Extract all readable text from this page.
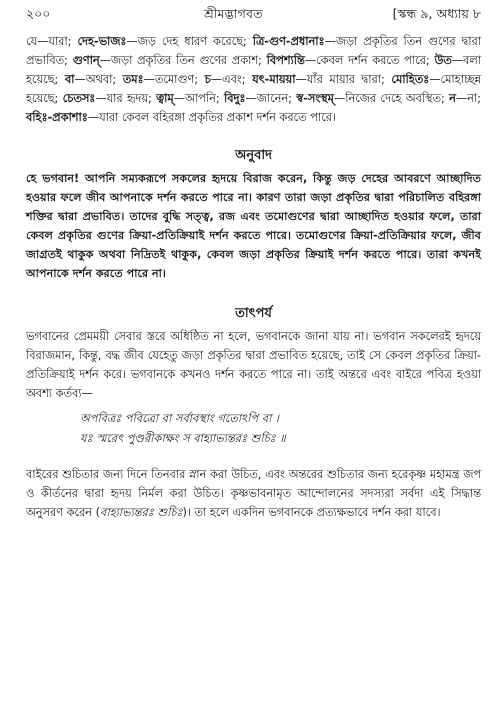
২০০	শ্রীমদ্ভাগবত	[স্কন্ধ ৯, অধ্যায় ৮

যে—যারা; দেহ-ভাজঃ—জড় দেহ ধারণ করেছে; ত্রি-গুণ-প্রধানাঃ—জড়া প্রকৃতির তিন গুণের দ্বারা প্রভাবিত; গুণান্—জড়া প্রকৃতির তিন গুণের প্রকাশ; বিপশ্যন্তি—কেবল দর্শন করতে পারে; উত—বলা হয়েছে; বা—অথবা; তমঃ—তমোগুণ; চ—এবং; যৎ-মায়য়া—যাঁর মায়ার দ্বারা; মোহিতঃ—মোহাচ্ছন্ন হয়েছে; চেতসঃ—যার হৃদয়; ত্বাম্—আপনি; বিদুঃ—জানেন; স্ব-সংস্থম্—নিজের দেহে অবস্থিত; ন—না; বহিঃ-প্রকাশাঃ—যারা কেবল বহিরঙ্গা প্রকৃতির প্রকাশ দর্শন করতে পারে।

অনুবাদ

হে ভগবান! আপনি সম্যকরূপে সকলের হৃদয়ে বিরাজ করেন, কিন্তু জড় দেহের আবরণে আচ্ছাদিত হওয়ার ফলে জীব আপনাকে দর্শন করতে পারে না। কারণ তারা জড়া প্রকৃতির দ্বারা পরিচালিত বহিরঙ্গা শক্তির দ্বারা প্রভাবিত। তাদের বুদ্ধি সত্ত্ব, রজ এবং তমোগুণের দ্বারা আচ্ছাদিত হওয়ার ফলে, তারা কেবল প্রকৃতির গুণের ক্রিয়া-প্রতিক্রিয়াই দর্শন করতে পারে। তমোগুণের ক্রিয়া-প্রতিক্রিয়ার ফলে, জীব জাগ্রতই থাকুক অথবা নিদ্রিতই থাকুক, কেবল জড়া প্রকৃতির ক্রিয়াই দর্শন করতে পারে। তারা কখনই আপনাকে দর্শন করতে পারে না।

তাৎপর্য

ভগবানের প্রেমময়ী সেবার স্তরে অধিষ্ঠিত না হলে, ভগবানকে জানা যায় না। ভগবান সকলেরই হৃদয়ে বিরাজমান, কিন্তু, বদ্ধ জীব যেহেতু জড়া প্রকৃতির দ্বারা প্রভাবিত হয়েছে, তাই সে কেবল প্রকৃতির ক্রিয়া-প্রতিক্রিয়াই দর্শন করে। ভগবানকে কখনও দর্শন করতে পারে না। তাই অন্তরে এবং বাইরে পবিত্র হওয়া অবশ্য কর্তব্য—

অপবিত্রঃ পবিত্রো বা সর্বাবস্থাং গতোঽপি বা ।
যঃ স্মরেৎ পুণ্ডরীকাক্ষং স বাহ্যাভ্যন্তরঃ শুচিঃ ॥

বাইরের শুচিতার জন্য দিনে তিনবার স্নান করা উচিত, এবং অন্তরের শুচিতার জন্য হরেকৃষ্ণ মহামন্ত্র জপ ও কীর্তনের দ্বারা হৃদয় নির্মল করা উচিত। কৃষ্ণভাবনামৃত আন্দোলনের সদস্যরা সর্বদা এই সিদ্ধান্ত অনুসরণ করেন (বাহ্যাভ্যন্তরঃ শুচিঃ)। তা হলে একদিন ভগবানকে প্রত্যক্ষভাবে দর্শন করা যাবে।
